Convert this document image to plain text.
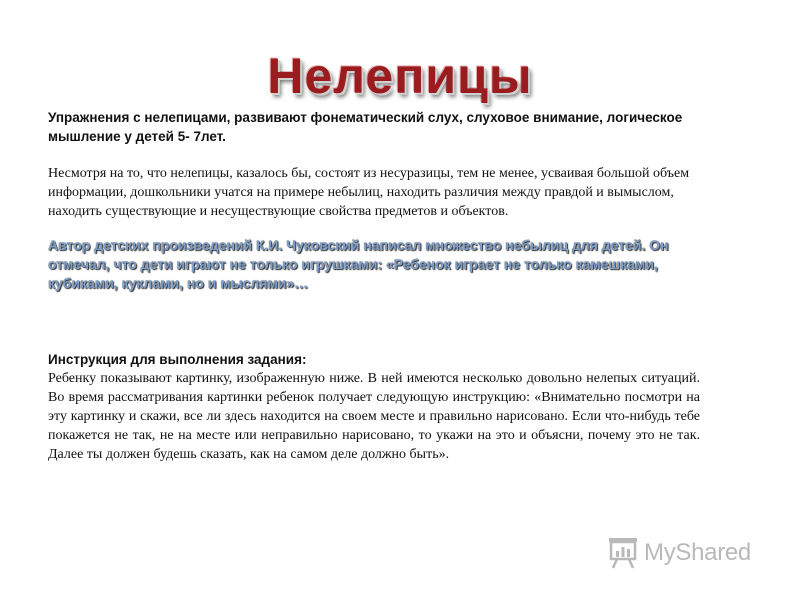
Нелепицы

Упражнения с нелепицами, развивают фонематический слух, слуховое внимание, логическое мышление у детей 5- 7лет.

Несмотря на то, что нелепицы, казалось бы, состоят из несуразицы, тем не менее, усваивая большой объем информации, дошкольники учатся на примере небылиц, находить различия между правдой и вымыслом, находить существующие и несуществующие свойства предметов и объектов.

Автор детских произведений К.И. Чуковский написал множество небылиц для детей. Он отмечал, что дети играют не только игрушками: «Ребенок играет не только камешками, кубиками, куклами, но и мыслями»…

Инструкция для выполнения задания:

Ребенку показывают картинку, изображенную ниже. В ней имеются несколько довольно нелепых ситуаций. Во время рассматривания картинки ребенок получает следующую инструкцию: «Внимательно посмотри на эту картинку и скажи, все ли здесь находится на своем месте и правильно нарисовано. Если что-нибудь тебе покажется не так, не на месте или неправильно нарисовано, то укажи на это и объясни, почему это не так. Далее ты должен будешь сказать, как на самом деле должно быть».

MyShared
